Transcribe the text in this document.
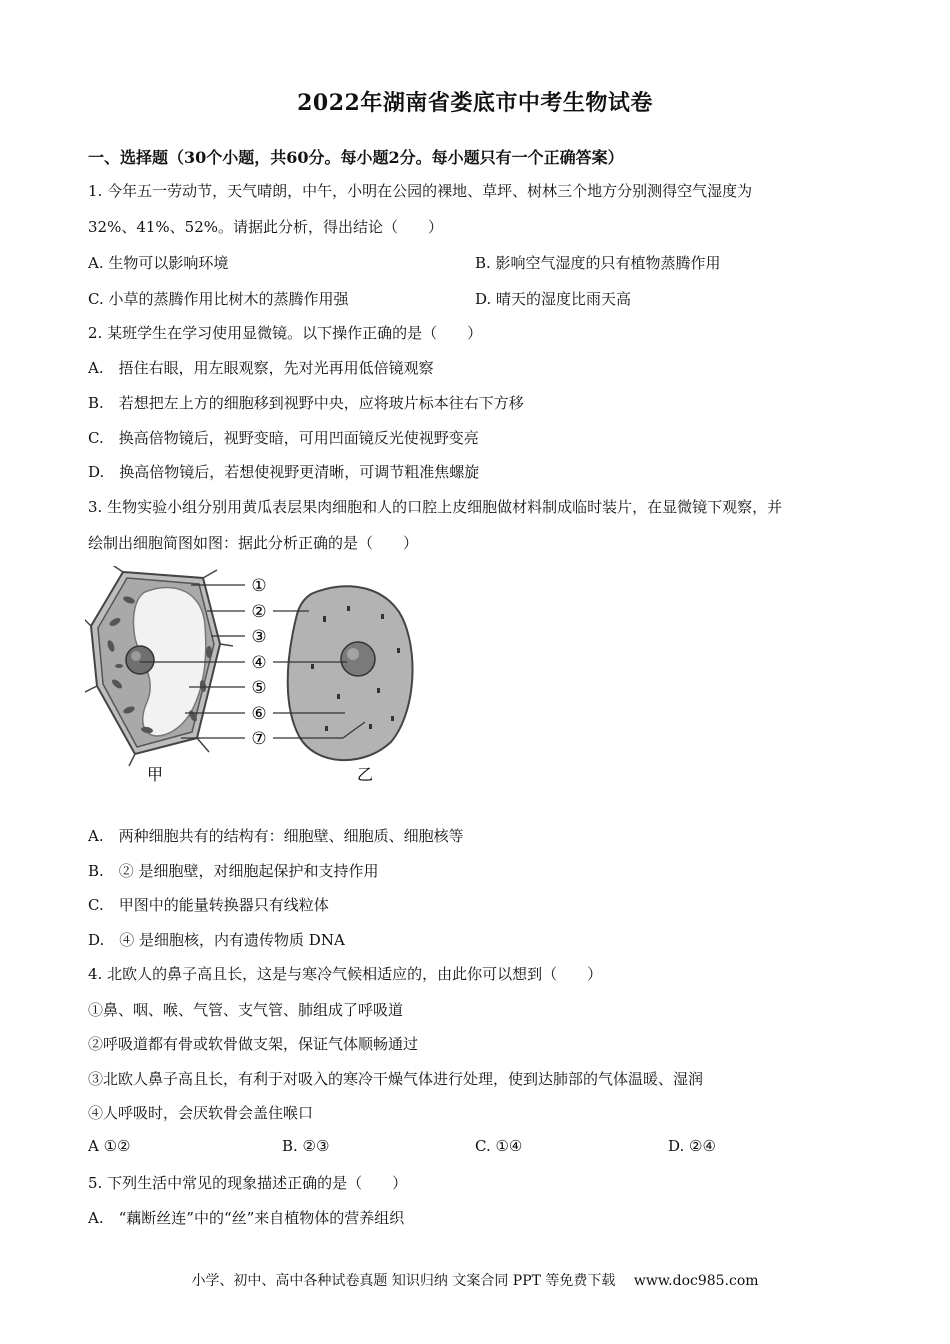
2022年湖南省娄底市中考生物试卷
一、选择题（30个小题，共60分。每小题2分。每小题只有一个正确答案）
1. 今年五一劳动节，天气晴朗，中午，小明在公园的裸地、草坪、树林三个地方分别测得空气湿度为
32%、41%、52%。请据此分析，得出结论（　　）
A. 生物可以影响环境	B. 影响空气湿度的只有植物蒸腾作用
C. 小草的蒸腾作用比树木的蒸腾作用强	D. 晴天的湿度比雨天高
2. 某班学生在学习使用显微镜。以下操作正确的是（　　）
A.　捂住右眼，用左眼观察，先对光再用低倍镜观察
B.　若想把左上方的细胞移到视野中央，应将玻片标本往右下方移
C.　换高倍物镜后，视野变暗，可用凹面镜反光使视野变亮
D.　换高倍物镜后，若想使视野更清晰，可调节粗准焦螺旋
3. 生物实验小组分别用黄瓜表层果肉细胞和人的口腔上皮细胞做材料制成临时装片，在显微镜下观察，并
绘制出细胞简图如图：据此分析正确的是（　　）
①
②
③
④
⑤
⑥
⑦
甲	乙
A.　两种细胞共有的结构有：细胞壁、细胞质、细胞核等
B.　② 是细胞壁，对细胞起保护和支持作用
C.　甲图中的能量转换器只有线粒体
D.　④ 是细胞核，内有遗传物质 DNA
4. 北欧人的鼻子高且长，这是与寒冷气候相适应的，由此你可以想到（　　）
①鼻、咽、喉、气管、支气管、肺组成了呼吸道
②呼吸道都有骨或软骨做支架，保证气体顺畅通过
③北欧人鼻子高且长，有利于对吸入的寒冷干燥气体进行处理，使到达肺部的气体温暖、湿润
④人呼吸时，会厌软骨会盖住喉口
A ①②	B. ②③	C. ①④	D. ②④
5. 下列生活中常见的现象描述正确的是（　　）
A.　“藕断丝连”中的“丝”来自植物体的营养组织
小学、初中、高中各种试卷真题 知识归纳 文案合同 PPT 等免费下载　 www.doc985.com
